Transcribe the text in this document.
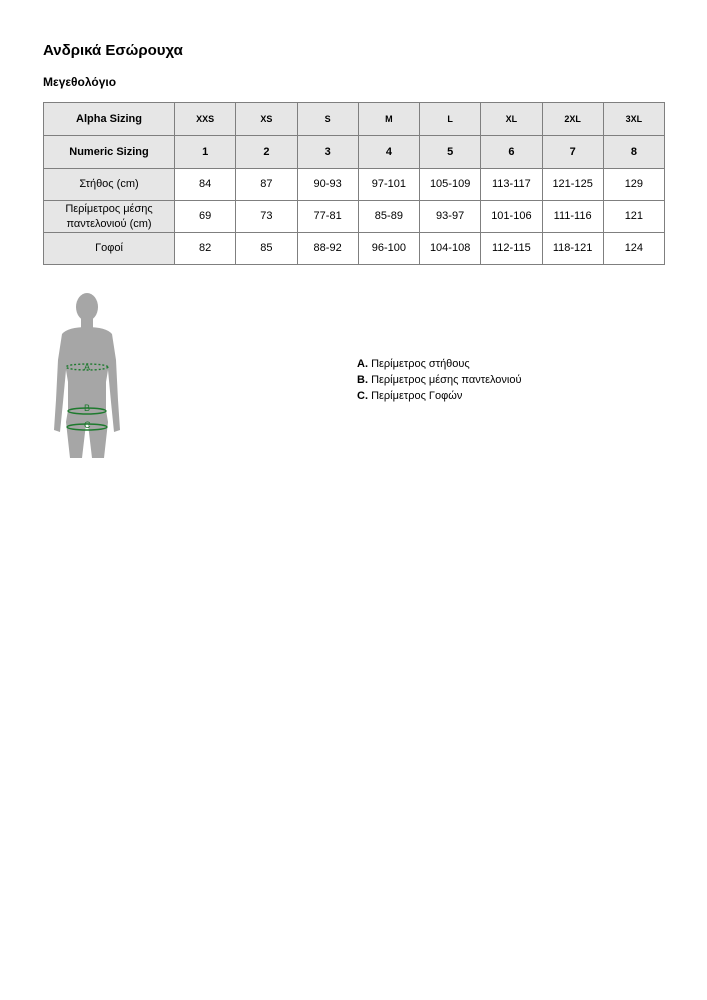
Ανδρικά Εσώρουχα
Μεγεθολόγιο
Alpha Sizing	XXS	XS	S	M	L	XL	2XL	3XL
Numeric Sizing	1	2	3	4	5	6	7	8
Στήθος (cm)	84	87	90-93	97-101	105-109	113-117	121-125	129
Περίμετρος μέσης
παντελονιού (cm)	69	73	77-81	85-89	93-97	101-106	111-116	121
Γοφοί	82	85	88-92	96-100	104-108	112-115	118-121	124
A
B
C
A. Περίμετρος στήθους
B. Περίμετρος μέσης παντελονιού
C. Περίμετρος Γοφών
